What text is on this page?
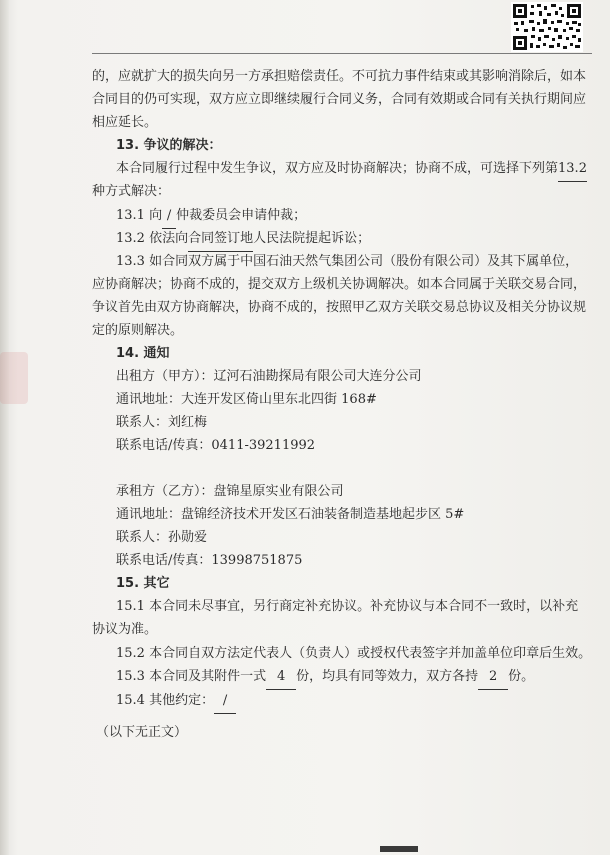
的，应就扩大的损失向另一方承担赔偿责任。不可抗力事件结束或其影响消除后，如本
合同目的仍可实现，双方应立即继续履行合同义务，合同有效期或合同有关执行期间应
相应延长。
13. 争议的解决：
本合同履行过程中发生争议，双方应及时协商解决；协商不成，可选择下列第13.2
种方式解决：
13.1 向 / 仲裁委员会申请仲裁；
13.2 依法向合同签订地人民法院提起诉讼；
13.3 如合同双方属于中国石油天然气集团公司（股份有限公司）及其下属单位，
应协商解决；协商不成的，提交双方上级机关协调解决。如本合同属于关联交易合同，
争议首先由双方协商解决，协商不成的，按照甲乙双方关联交易总协议及相关分协议规
定的原则解决。
14. 通知
出租方（甲方）：辽河石油勘探局有限公司大连分公司
通讯地址：大连开发区倚山里东北四街 168#
联系人：刘红梅
联系电话/传真：0411-39211992
承租方（乙方）：盘锦星原实业有限公司
通讯地址：盘锦经济技术开发区石油装备制造基地起步区 5#
联系人：孙勋爱
联系电话/传真：13998751875
15. 其它
15.1 本合同未尽事宜，另行商定补充协议。补充协议与本合同不一致时，以补充
协议为准。
15.2 本合同自双方法定代表人（负责人）或授权代表签字并加盖单位印章后生效。
15.3 本合同及其附件一式 4 份，均具有同等效力，双方各持 2 份。
15.4 其他约定： /
（以下无正文）
